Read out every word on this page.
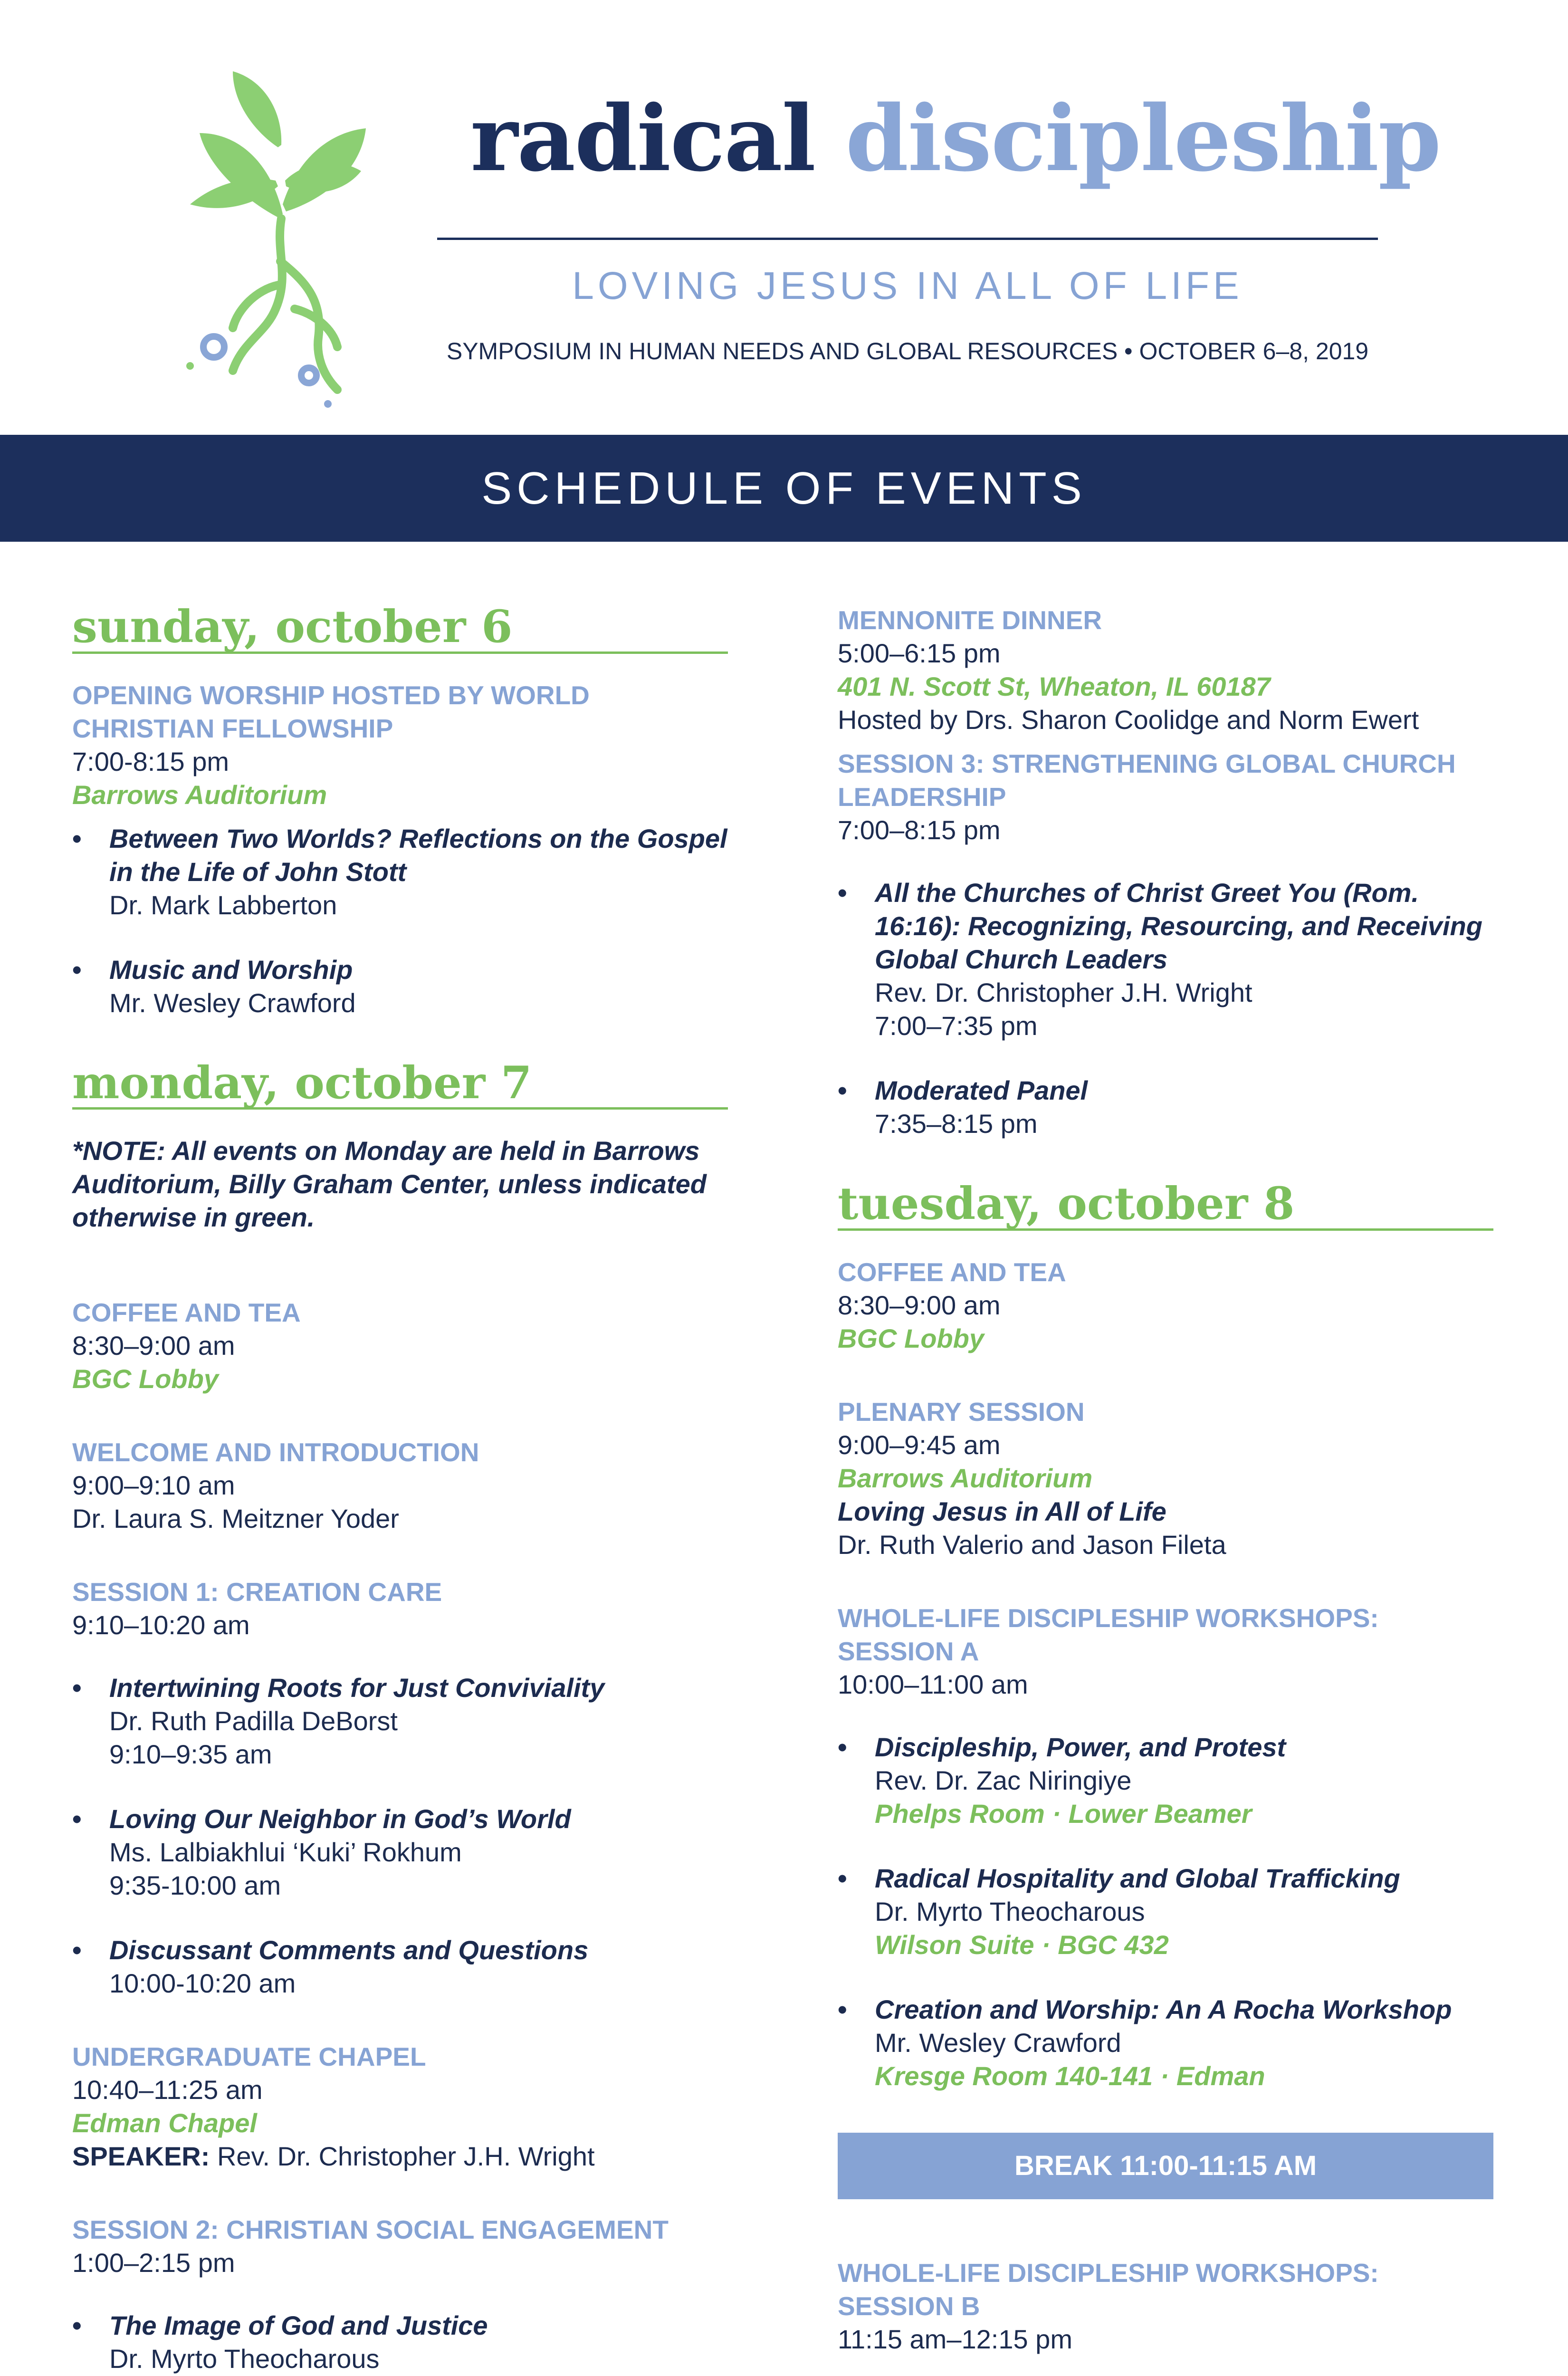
radical discipleship
LOVING JESUS IN ALL OF LIFE
SYMPOSIUM IN HUMAN NEEDS AND GLOBAL RESOURCES • OCTOBER 6–8, 2019
SCHEDULE OF EVENTS
sunday, october 6
OPENING WORSHIP HOSTED BY WORLD CHRISTIAN FELLOWSHIP
7:00-8:15 pm
Barrows Auditorium
• Between Two Worlds? Reflections on the Gospel in the Life of John Stott
Dr. Mark Labberton
• Music and Worship
Mr. Wesley Crawford
monday, october 7
*NOTE: All events on Monday are held in Barrows Auditorium, Billy Graham Center, unless indicated otherwise in green.
COFFEE AND TEA
8:30–9:00 am
BGC Lobby
WELCOME AND INTRODUCTION
9:00–9:10 am
Dr. Laura S. Meitzner Yoder
SESSION 1: CREATION CARE
9:10–10:20 am
• Intertwining Roots for Just Conviviality
Dr. Ruth Padilla DeBorst
9:10–9:35 am
• Loving Our Neighbor in God’s World
Ms. Lalbiakhlui ‘Kuki’ Rokhum
9:35-10:00 am
• Discussant Comments and Questions
10:00-10:20 am
UNDERGRADUATE CHAPEL
10:40–11:25 am
Edman Chapel
SPEAKER: Rev. Dr. Christopher J.H. Wright
SESSION 2: CHRISTIAN SOCIAL ENGAGEMENT
1:00–2:15 pm
• The Image of God and Justice
Dr. Myrto Theocharous
MENNONITE DINNER
5:00–6:15 pm
401 N. Scott St, Wheaton, IL 60187
Hosted by Drs. Sharon Coolidge and Norm Ewert
SESSION 3: STRENGTHENING GLOBAL CHURCH LEADERSHIP
7:00–8:15 pm
• All the Churches of Christ Greet You (Rom. 16:16): Recognizing, Resourcing, and Receiving Global Church Leaders
Rev. Dr. Christopher J.H. Wright
7:00–7:35 pm
• Moderated Panel
7:35–8:15 pm
tuesday, october 8
COFFEE AND TEA
8:30–9:00 am
BGC Lobby
PLENARY SESSION
9:00–9:45 am
Barrows Auditorium
Loving Jesus in All of Life
Dr. Ruth Valerio and Jason Fileta
WHOLE-LIFE DISCIPLESHIP WORKSHOPS: SESSION A
10:00–11:00 am
• Discipleship, Power, and Protest
Rev. Dr. Zac Niringiye
Phelps Room · Lower Beamer
• Radical Hospitality and Global Trafficking
Dr. Myrto Theocharous
Wilson Suite · BGC 432
• Creation and Worship: An A Rocha Workshop
Mr. Wesley Crawford
Kresge Room 140-141 · Edman
BREAK 11:00-11:15 AM
WHOLE-LIFE DISCIPLESHIP WORKSHOPS: SESSION B
11:15 am–12:15 pm
